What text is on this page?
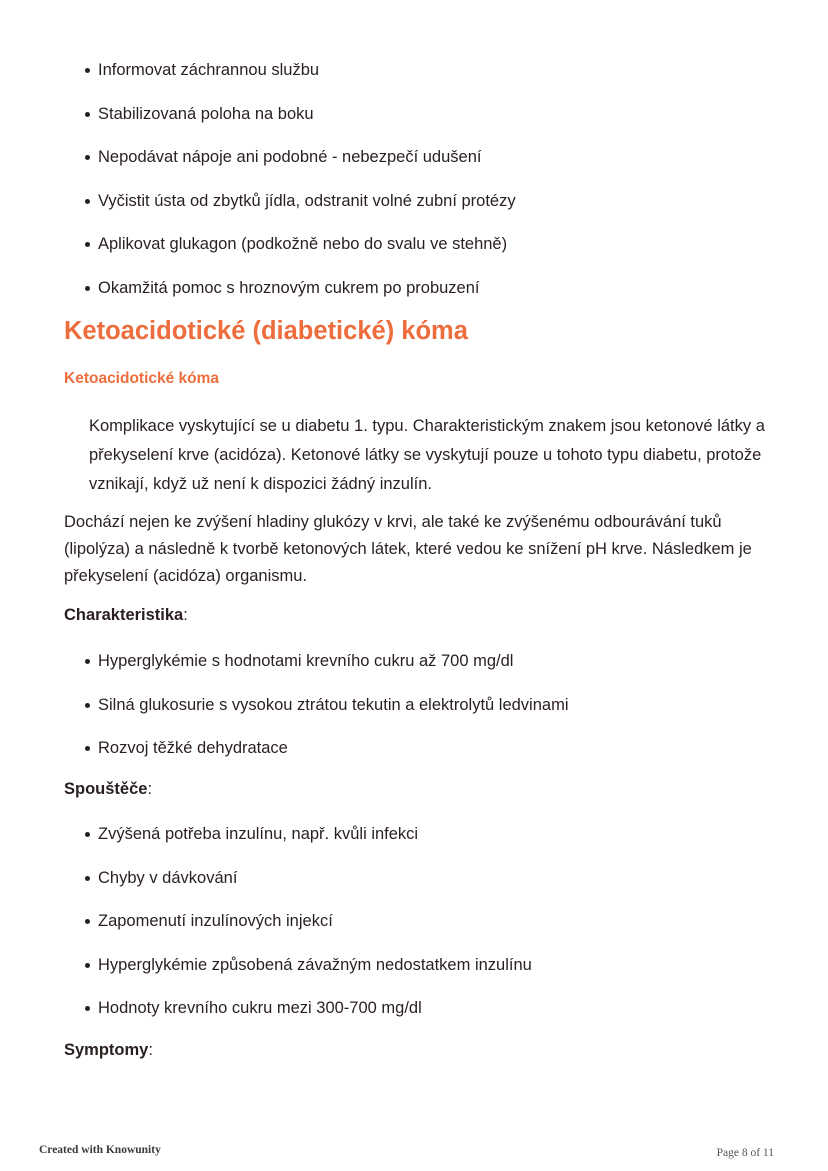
Informovat záchrannou službu
Stabilizovaná poloha na boku
Nepodávat nápoje ani podobné - nebezpečí udušení
Vyčistit ústa od zbytků jídla, odstranit volné zubní protézy
Aplikovat glukagon (podkožně nebo do svalu ve stehně)
Okamžitá pomoc s hroznovým cukrem po probuzení
Ketoacidotické (diabetické) kóma
Ketoacidotické kóma
Komplikace vyskytující se u diabetu 1. typu. Charakteristickým znakem jsou ketonové látky a překyselení krve (acidóza). Ketonové látky se vyskytují pouze u tohoto typu diabetu, protože vznikají, když už není k dispozici žádný inzulín.
Dochází nejen ke zvýšení hladiny glukózy v krvi, ale také ke zvýšenému odbourávání tuků (lipolýza) a následně k tvorbě ketonových látek, které vedou ke snížení pH krve. Následkem je překyselení (acidóza) organismu.
Charakteristika:
Hyperglykémie s hodnotami krevního cukru až 700 mg/dl
Silná glukosurie s vysokou ztrátou tekutin a elektrolytů ledvinami
Rozvoj těžké dehydratace
Spouštěče:
Zvýšená potřeba inzulínu, např. kvůli infekci
Chyby v dávkování
Zapomenutí inzulínových injekcí
Hyperglykémie způsobená závažným nedostatkem inzulínu
Hodnoty krevního cukru mezi 300-700 mg/dl
Symptomy:
Created with Knowunity	Page 8 of 11
